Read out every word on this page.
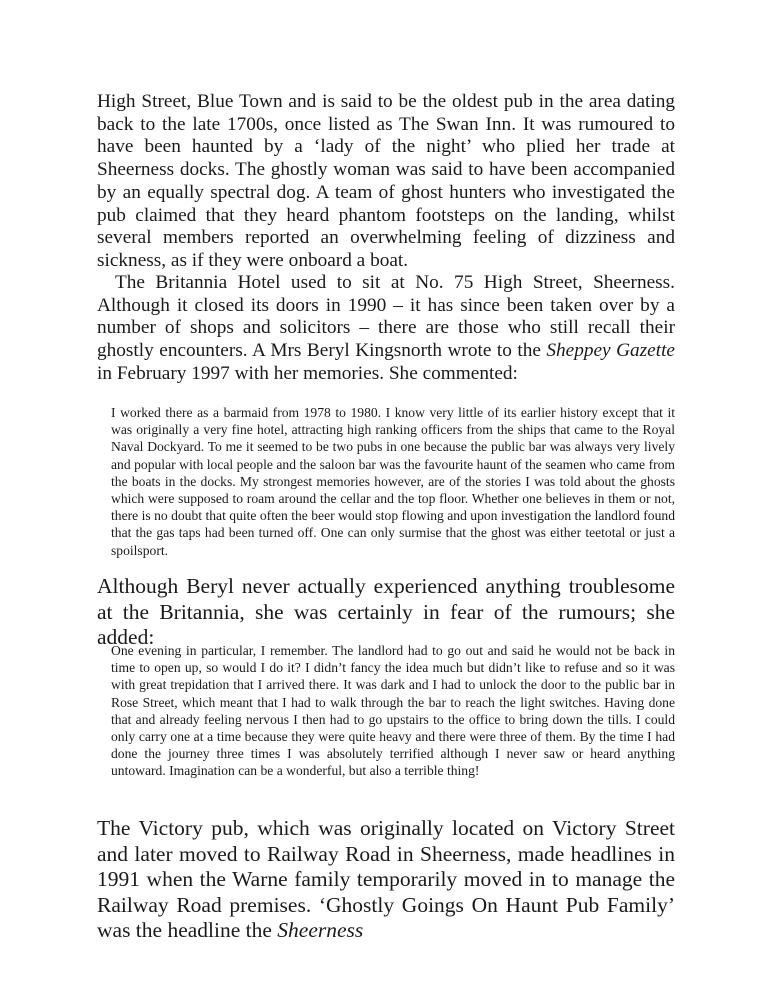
High Street, Blue Town and is said to be the oldest pub in the area dating back to the late 1700s, once listed as The Swan Inn. It was rumoured to have been haunted by a ‘lady of the night’ who plied her trade at Sheerness docks. The ghostly woman was said to have been accompanied by an equally spectral dog. A team of ghost hunters who investigated the pub claimed that they heard phantom footsteps on the landing, whilst several members reported an overwhelming feeling of dizziness and sickness, as if they were onboard a boat.

The Britannia Hotel used to sit at No. 75 High Street, Sheerness. Although it closed its doors in 1990 – it has since been taken over by a number of shops and solicitors – there are those who still recall their ghostly encounters. A Mrs Beryl Kingsnorth wrote to the Sheppey Gazette in February 1997 with her memories. She commented:

I worked there as a barmaid from 1978 to 1980. I know very little of its earlier history except that it was originally a very fine hotel, attracting high ranking officers from the ships that came to the Royal Naval Dockyard. To me it seemed to be two pubs in one because the public bar was always very lively and popular with local people and the saloon bar was the favourite haunt of the seamen who came from the boats in the docks. My strongest memories however, are of the stories I was told about the ghosts which were supposed to roam around the cellar and the top floor. Whether one believes in them or not, there is no doubt that quite often the beer would stop flowing and upon investigation the landlord found that the gas taps had been turned off. One can only surmise that the ghost was either teetotal or just a spoilsport.

Although Beryl never actually experienced anything troublesome at the Britannia, she was certainly in fear of the rumours; she added:

One evening in particular, I remember. The landlord had to go out and said he would not be back in time to open up, so would I do it? I didn’t fancy the idea much but didn’t like to refuse and so it was with great trepidation that I arrived there. It was dark and I had to unlock the door to the public bar in Rose Street, which meant that I had to walk through the bar to reach the light switches. Having done that and already feeling nervous I then had to go upstairs to the office to bring down the tills. I could only carry one at a time because they were quite heavy and there were three of them. By the time I had done the journey three times I was absolutely terrified although I never saw or heard anything untoward. Imagination can be a wonderful, but also a terrible thing!

The Victory pub, which was originally located on Victory Street and later moved to Railway Road in Sheerness, made headlines in 1991 when the Warne family temporarily moved in to manage the Railway Road premises. ‘Ghostly Goings On Haunt Pub Family’ was the headline the Sheerness
